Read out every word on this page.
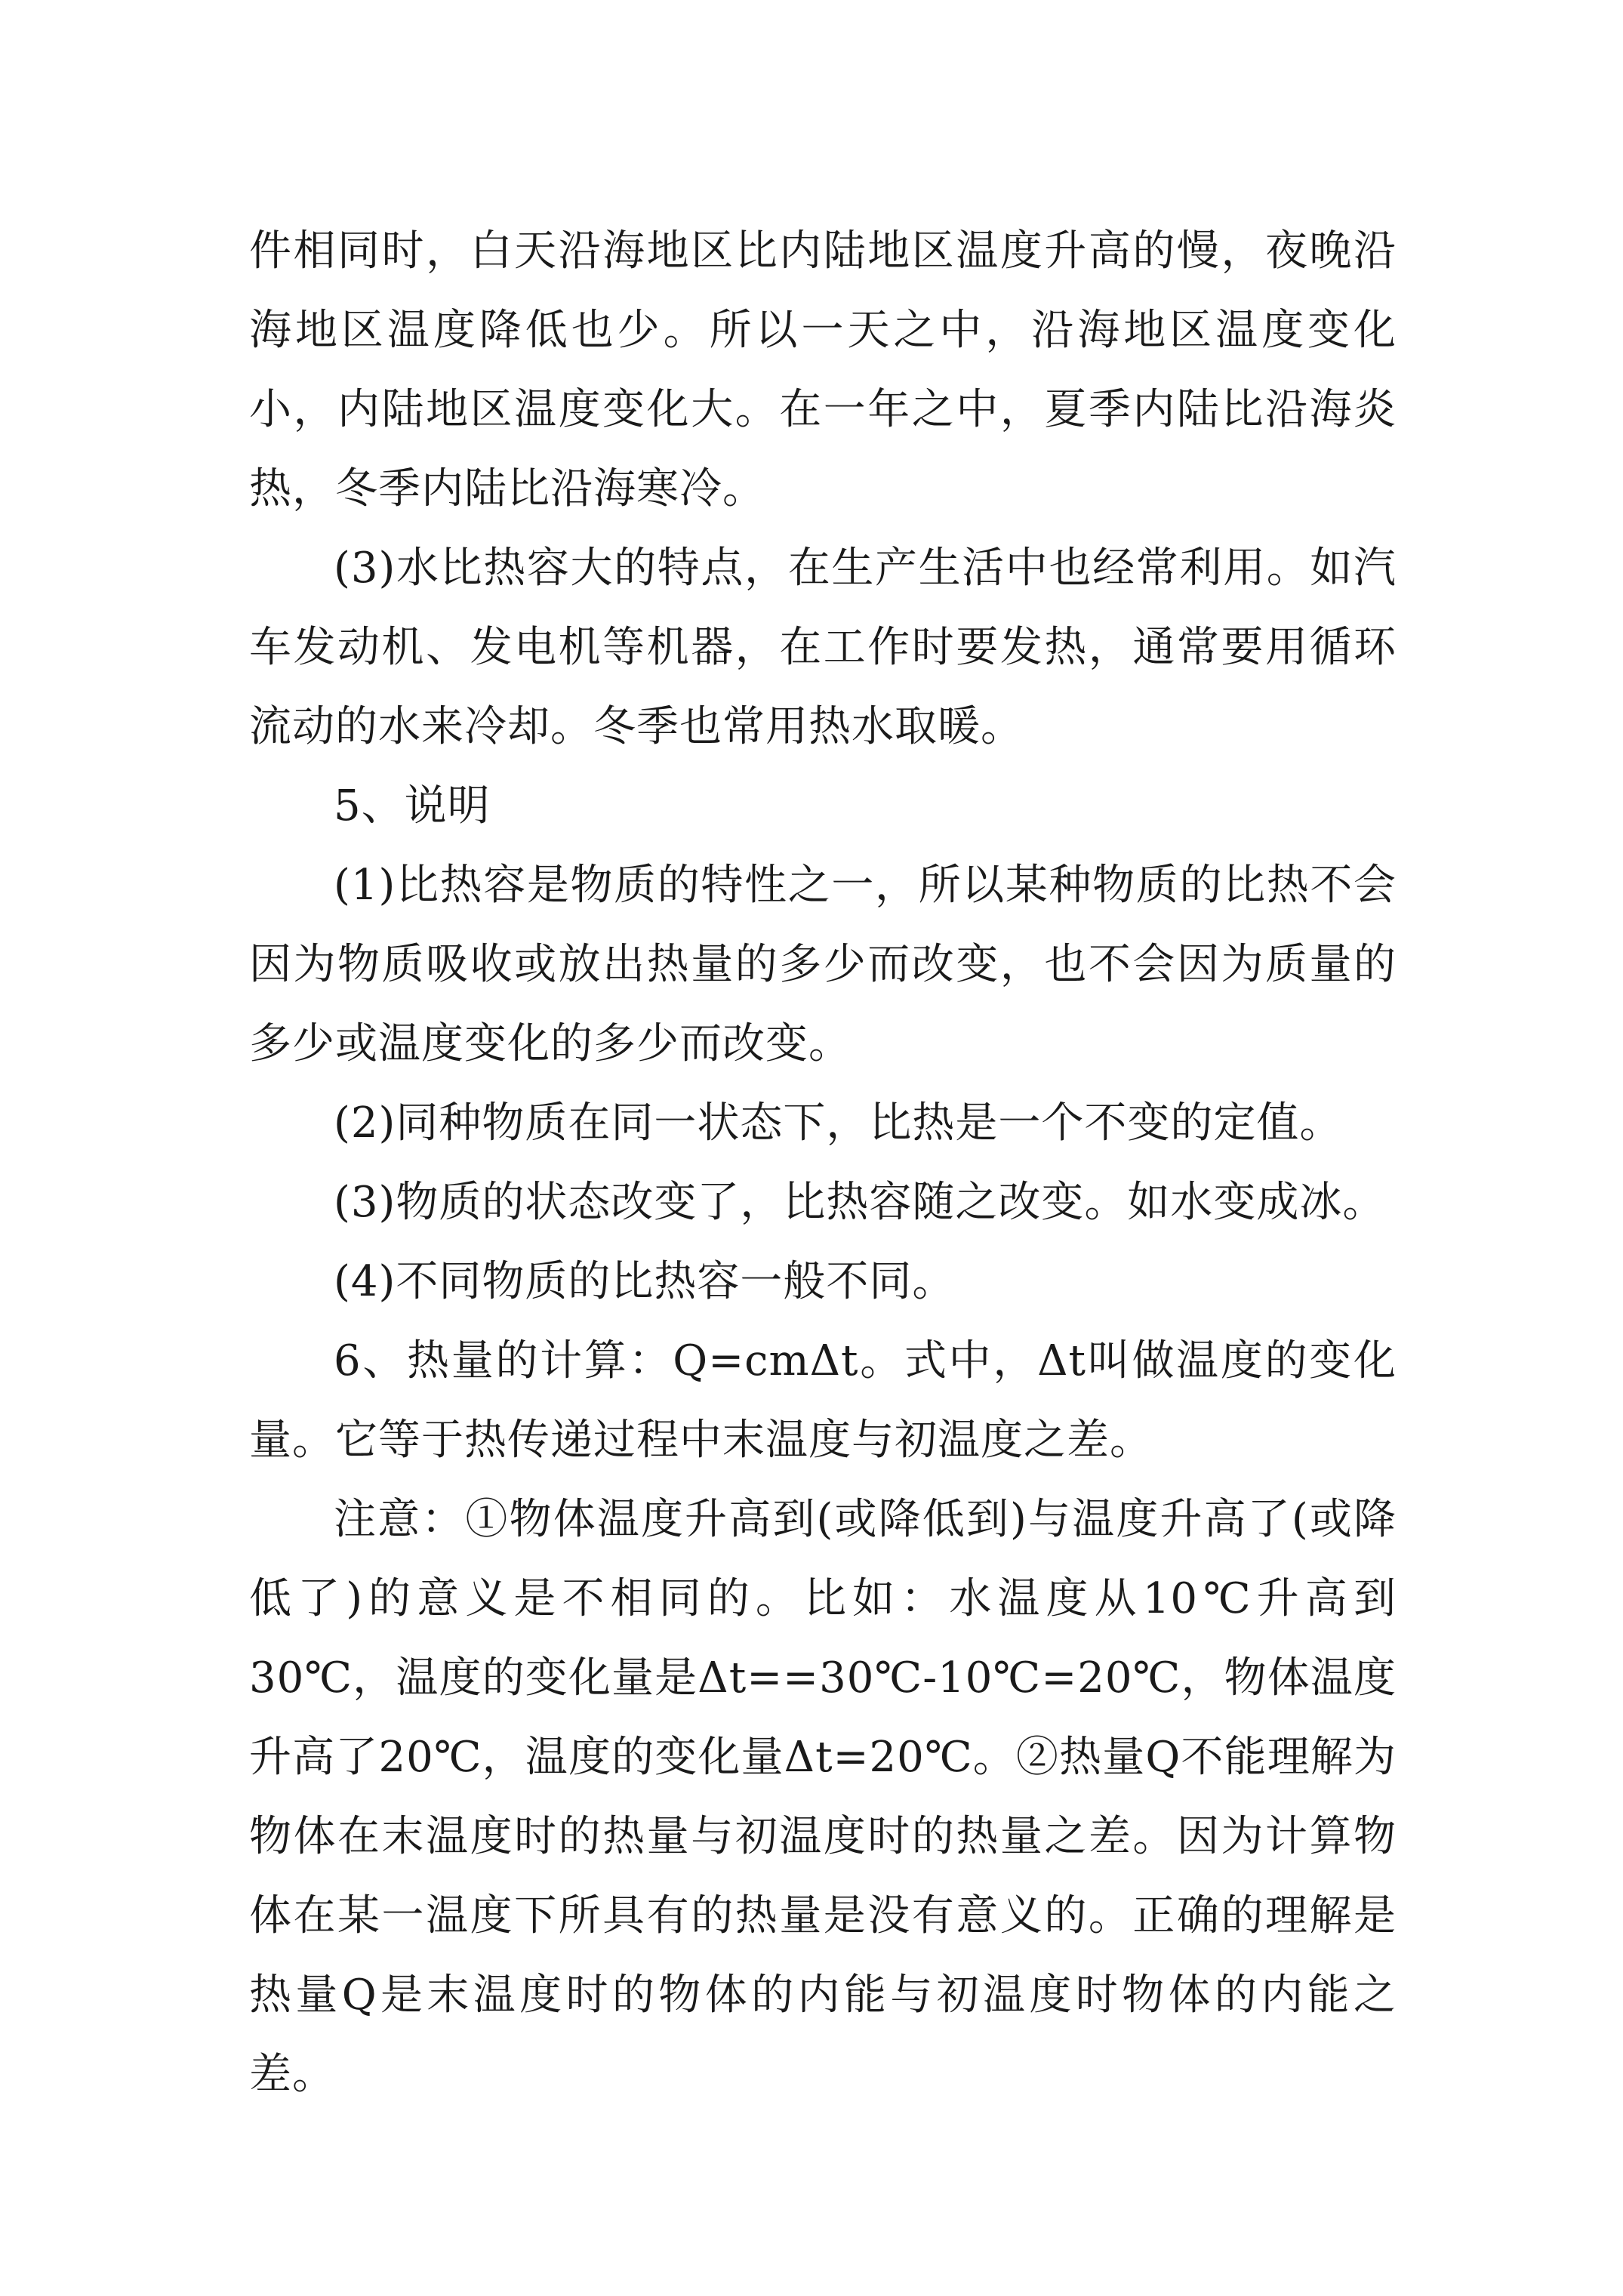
件相同时，白天沿海地区比内陆地区温度升高的慢，夜晚沿海地区温度降低也少。所以一天之中，沿海地区温度变化小，内陆地区温度变化大。在一年之中，夏季内陆比沿海炎热，冬季内陆比沿海寒冷。

(3)水比热容大的特点，在生产生活中也经常利用。如汽车发动机、发电机等机器，在工作时要发热，通常要用循环流动的水来冷却。冬季也常用热水取暖。

5、说明

(1)比热容是物质的特性之一，所以某种物质的比热不会因为物质吸收或放出热量的多少而改变，也不会因为质量的多少或温度变化的多少而改变。

(2)同种物质在同一状态下，比热是一个不变的定值。

(3)物质的状态改变了，比热容随之改变。如水变成冰。

(4)不同物质的比热容一般不同。

6、热量的计算：Q=cmΔt。式中，Δt叫做温度的变化量。它等于热传递过程中末温度与初温度之差。

注意：①物体温度升高到(或降低到)与温度升高了(或降低了)的意义是不相同的。比如：水温度从10℃升高到30℃，温度的变化量是Δt==30℃-10℃=20℃，物体温度升高了20℃，温度的变化量Δt=20℃。②热量Q不能理解为物体在末温度时的热量与初温度时的热量之差。因为计算物体在某一温度下所具有的热量是没有意义的。正确的理解是热量Q是末温度时的物体的内能与初温度时物体的内能之差。
